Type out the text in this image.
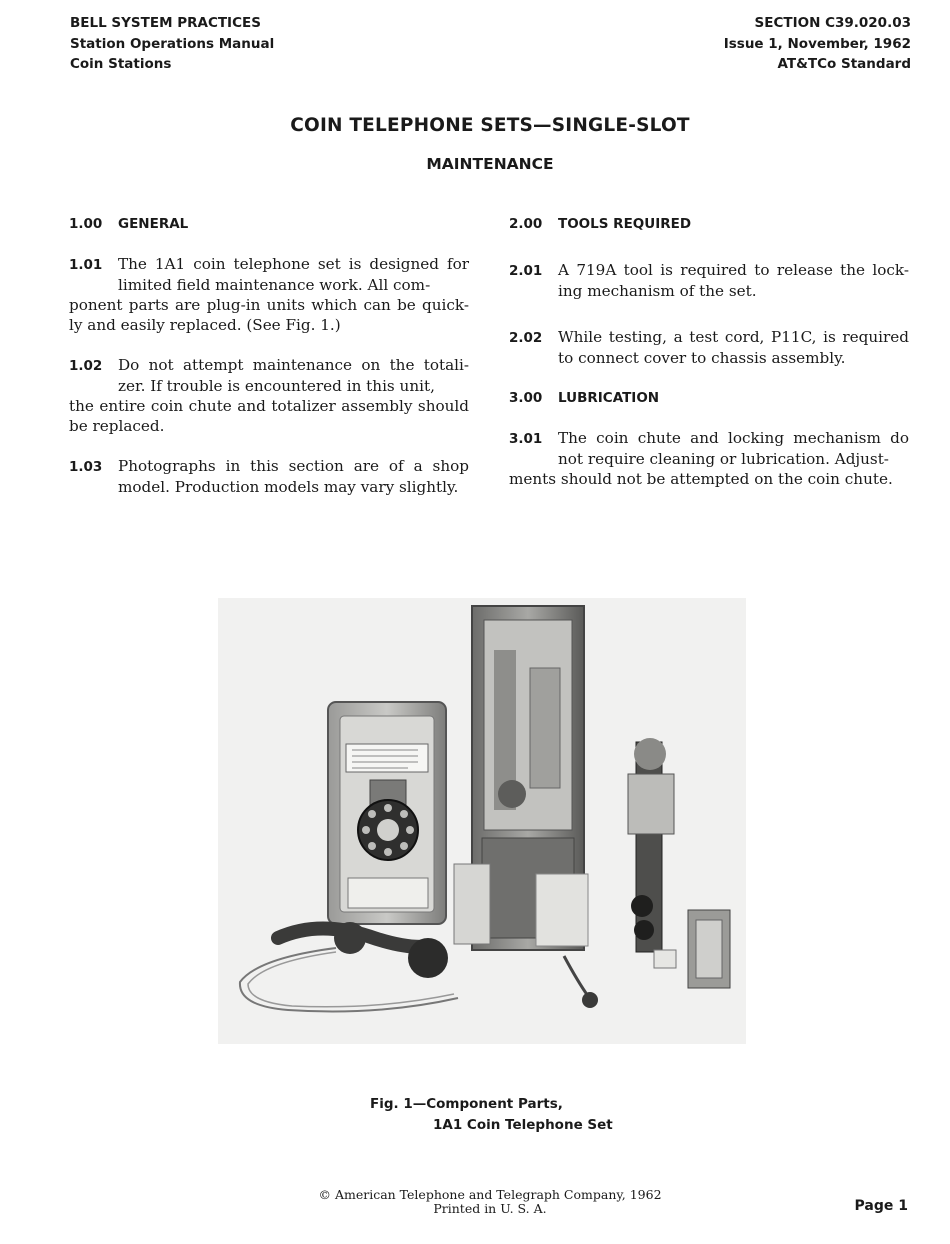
BELL SYSTEM PRACTICES
Station Operations Manual
Coin Stations
SECTION C39.020.03
Issue 1, November, 1962
AT&TCo Standard
COIN TELEPHONE SETS—SINGLE-SLOT
MAINTENANCE
1.00 GENERAL
1.01 The 1A1 coin telephone set is designed for limited field maintenance work. All com-
ponent parts are plug-in units which can be quick- ly and easily replaced. (See Fig. 1.)
1.02 Do not attempt maintenance on the totali- zer. If trouble is encountered in this unit,
the entire coin chute and totalizer assembly should be replaced.
1.03 Photographs in this section are of a shop model. Production models may vary slightly.
2.00 TOOLS REQUIRED
2.01 A 719A tool is required to release the lock- ing mechanism of the set.
2.02 While testing, a test cord, P11C, is required to connect cover to chassis assembly.
3.00 LUBRICATION
3.01 The coin chute and locking mechanism do not require cleaning or lubrication. Adjust-
ments should not be attempted on the coin chute.
Fig. 1—Component Parts,
1A1 Coin Telephone Set
© American Telephone and Telegraph Company, 1962
Printed in U. S. A.	Page 1
